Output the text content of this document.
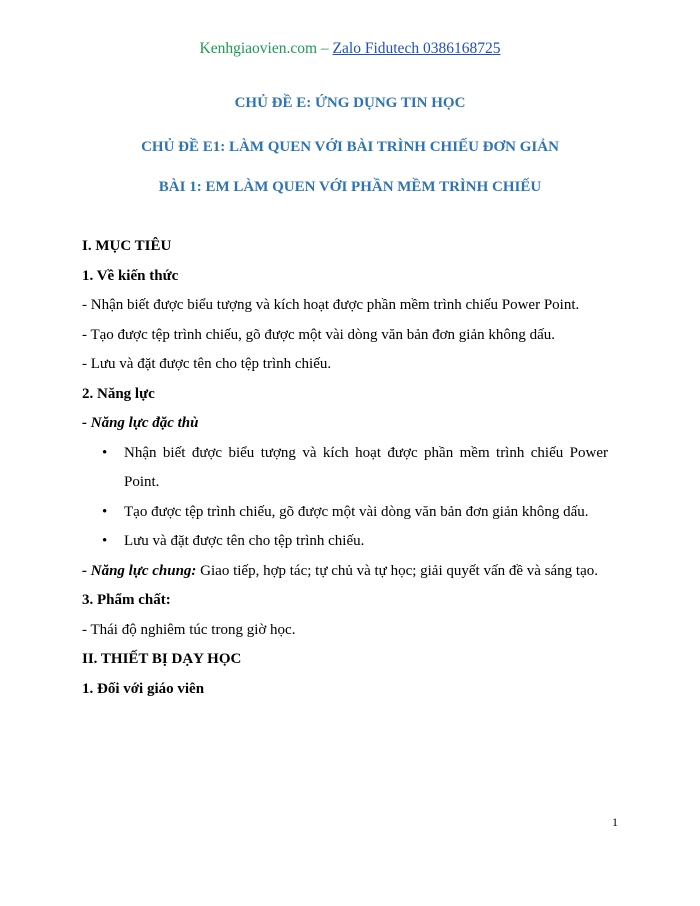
Kenhgiaovien.com – Zalo Fidutech 0386168725
CHỦ ĐỀ E: ỨNG DỤNG TIN HỌC
CHỦ ĐỀ E1: LÀM QUEN VỚI BÀI TRÌNH CHIẾU ĐƠN GIẢN
BÀI 1: EM LÀM QUEN VỚI PHẦN MỀM TRÌNH CHIẾU

I. MỤC TIÊU

1. Về kiến thức

- Nhận biết được biểu tượng và kích hoạt được phần mềm trình chiếu Power Point.

- Tạo được tệp trình chiếu, gõ được một vài dòng văn bản đơn giản không dấu.

- Lưu và đặt được tên cho tệp trình chiếu.

2. Năng lực

- Năng lực đặc thù

• Nhận biết được biểu tượng và kích hoạt được phần mềm trình chiếu Power Point.
• Tạo được tệp trình chiếu, gõ được một vài dòng văn bản đơn giản không dấu.
• Lưu và đặt được tên cho tệp trình chiếu.

- Năng lực chung: Giao tiếp, hợp tác; tự chủ và tự học; giải quyết vấn đề và sáng tạo.

3. Phẩm chất:

- Thái độ nghiêm túc trong giờ học.

II. THIẾT BỊ DẠY HỌC

1. Đối với giáo viên

1
